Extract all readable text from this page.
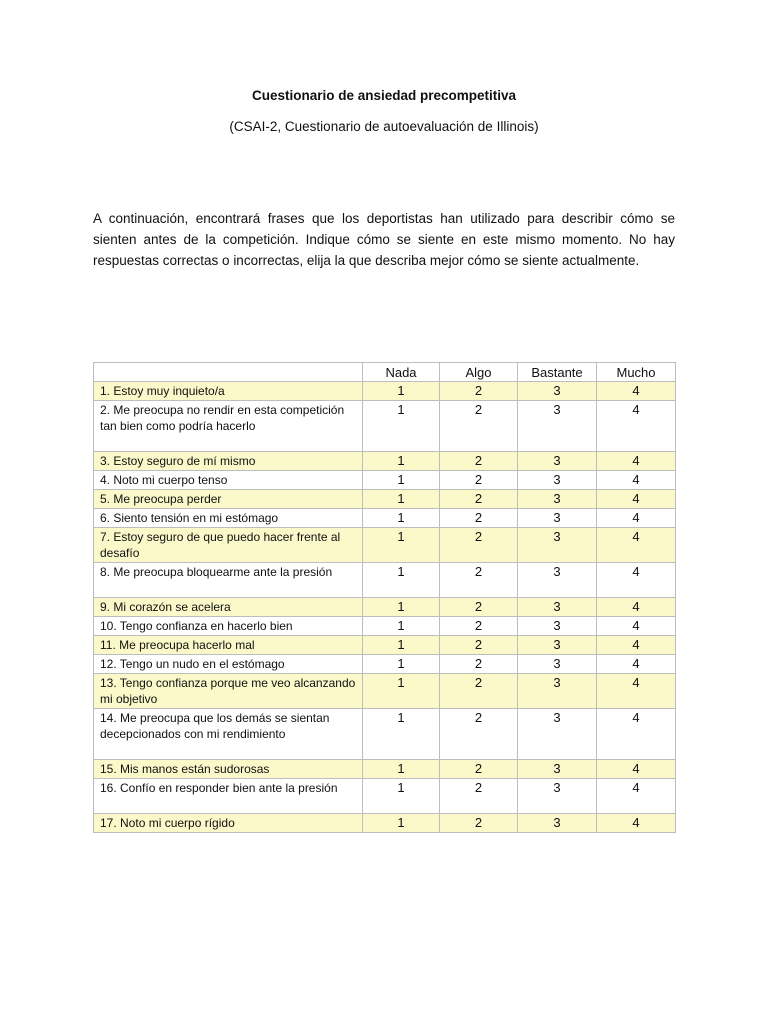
Cuestionario de ansiedad precompetitiva
(CSAI-2, Cuestionario de autoevaluación de Illinois)

A continuación, encontrará frases que los deportistas han utilizado para describir cómo se sienten antes de la competición. Indique cómo se siente en este mismo momento. No hay respuestas correctas o incorrectas, elija la que describa mejor cómo se siente actualmente.

	Nada	Algo	Bastante	Mucho
1. Estoy muy inquieto/a	1	2	3	4
2. Me preocupa no rendir en esta competición tan bien como podría hacerlo	1	2	3	4
3. Estoy seguro de mí mismo	1	2	3	4
4. Noto mi cuerpo tenso	1	2	3	4
5. Me preocupa perder	1	2	3	4
6. Siento tensión en mi estómago	1	2	3	4
7. Estoy seguro de que puedo hacer frente al desafío	1	2	3	4
8. Me preocupa bloquearme ante la presión	1	2	3	4
9. Mi corazón se acelera	1	2	3	4
10. Tengo confianza en hacerlo bien	1	2	3	4
11. Me preocupa hacerlo mal	1	2	3	4
12. Tengo un nudo en el estómago	1	2	3	4
13. Tengo confianza porque me veo alcanzando mi objetivo	1	2	3	4
14. Me preocupa que los demás se sientan decepcionados con mi rendimiento	1	2	3	4
15. Mis manos están sudorosas	1	2	3	4
16. Confío en responder bien ante la presión	1	2	3	4
17. Noto mi cuerpo rígido	1	2	3	4
